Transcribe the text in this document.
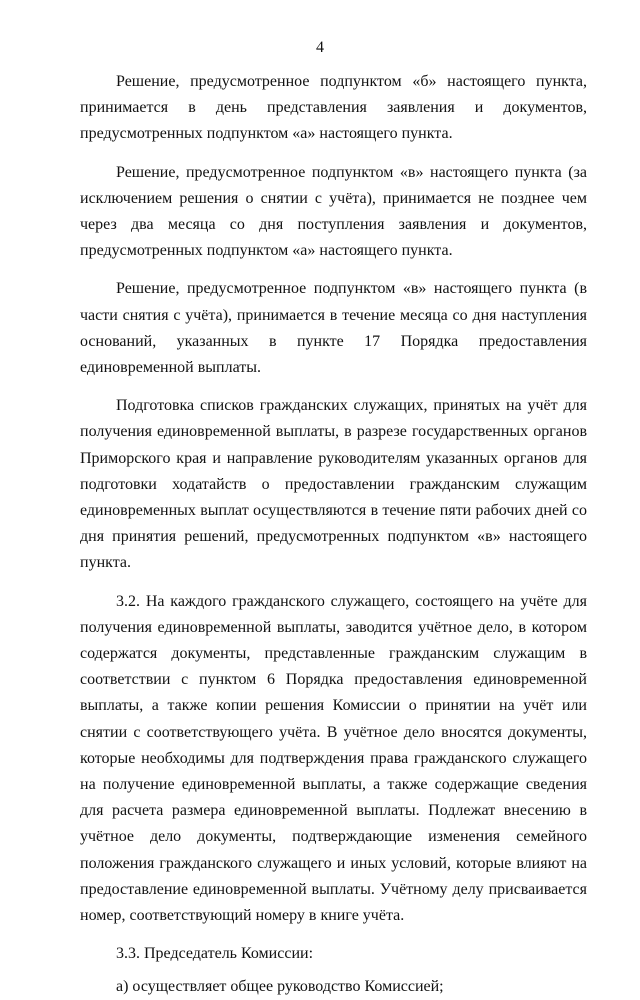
4

Решение, предусмотренное подпунктом «б» настоящего пункта, принимается в день представления заявления и документов, предусмотренных подпунктом «а» настоящего пункта.

Решение, предусмотренное подпунктом «в» настоящего пункта (за исключением решения о снятии с учёта), принимается не позднее чем через два месяца со дня поступления заявления и документов, предусмотренных подпунктом «а» настоящего пункта.

Решение, предусмотренное подпунктом «в» настоящего пункта (в части снятия с учёта), принимается в течение месяца со дня наступления оснований, указанных в пункте 17 Порядка предоставления единовременной выплаты.

Подготовка списков гражданских служащих, принятых на учёт для получения единовременной выплаты, в разрезе государственных органов Приморского края и направление руководителям указанных органов для подготовки ходатайств о предоставлении гражданским служащим единовременных выплат осуществляются в течение пяти рабочих дней со дня принятия решений, предусмотренных подпунктом «в» настоящего пункта.

3.2. На каждого гражданского служащего, состоящего на учёте для получения единовременной выплаты, заводится учётное дело, в котором содержатся документы, представленные гражданским служащим в соответствии с пунктом 6 Порядка предоставления единовременной выплаты, а также копии решения Комиссии о принятии на учёт или снятии с соответствующего учёта. В учётное дело вносятся документы, которые необходимы для подтверждения права гражданского служащего на получение единовременной выплаты, а также содержащие сведения для расчета размера единовременной выплаты. Подлежат внесению в учётное дело документы, подтверждающие изменения семейного положения гражданского служащего и иных условий, которые влияют на предоставление единовременной выплаты. Учётному делу присваивается номер, соответствующий номеру в книге учёта.

3.3. Председатель Комиссии:

а) осуществляет общее руководство Комиссией;
